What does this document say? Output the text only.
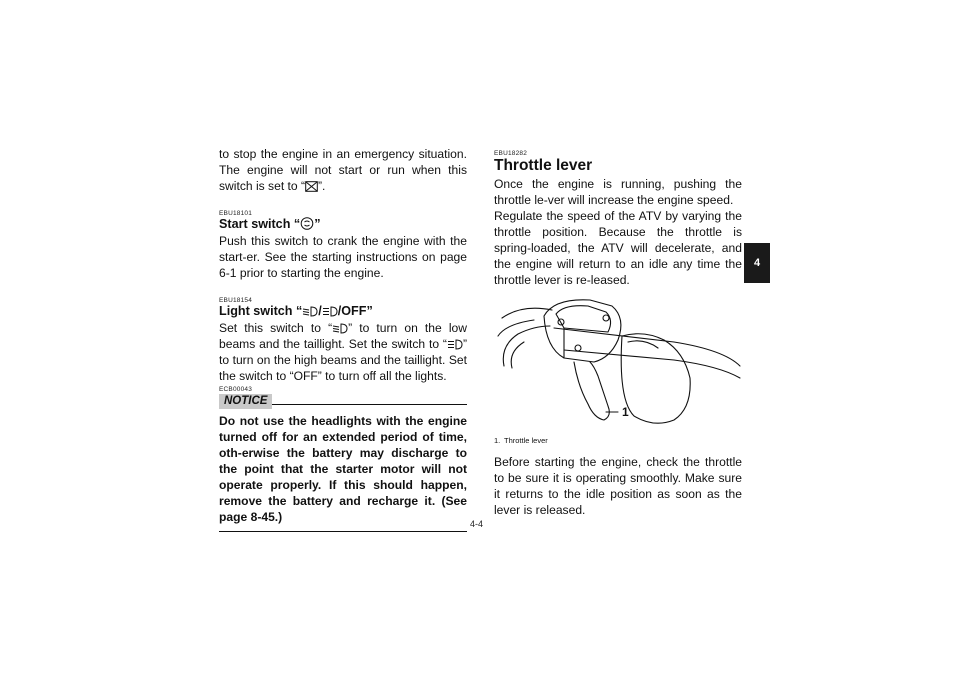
4

to stop the engine in an emergency situation. The engine will not start or run when this switch is set to “ ”.

EBU18101
Start switch “ ”

Push this switch to crank the engine with the start-er. See the starting instructions on page 6-1 prior to starting the engine.

EBU18154
Light switch “ / /OFF”

Set this switch to “ ” to turn on the low beams and the taillight. Set the switch to “ ” to turn on the high beams and the taillight. Set the switch to “OFF” to turn off all the lights.

ECB00043
NOTICE

Do not use the headlights with the engine turned off for an extended period of time, oth-erwise the battery may discharge to the point that the starter motor will not operate properly. If this should happen, remove the battery and recharge it. (See page 8-45.)

EBU18282
Throttle lever

Once the engine is running, pushing the throttle le-ver will increase the engine speed.

Regulate the speed of the ATV by varying the throttle position. Because the throttle is spring-loaded, the ATV will decelerate, and the engine will return to an idle any time the throttle lever is re-leased.

1
1. Throttle lever

Before starting the engine, check the throttle to be sure it is operating smoothly. Make sure it returns to the idle position as soon as the lever is released.

4-4
